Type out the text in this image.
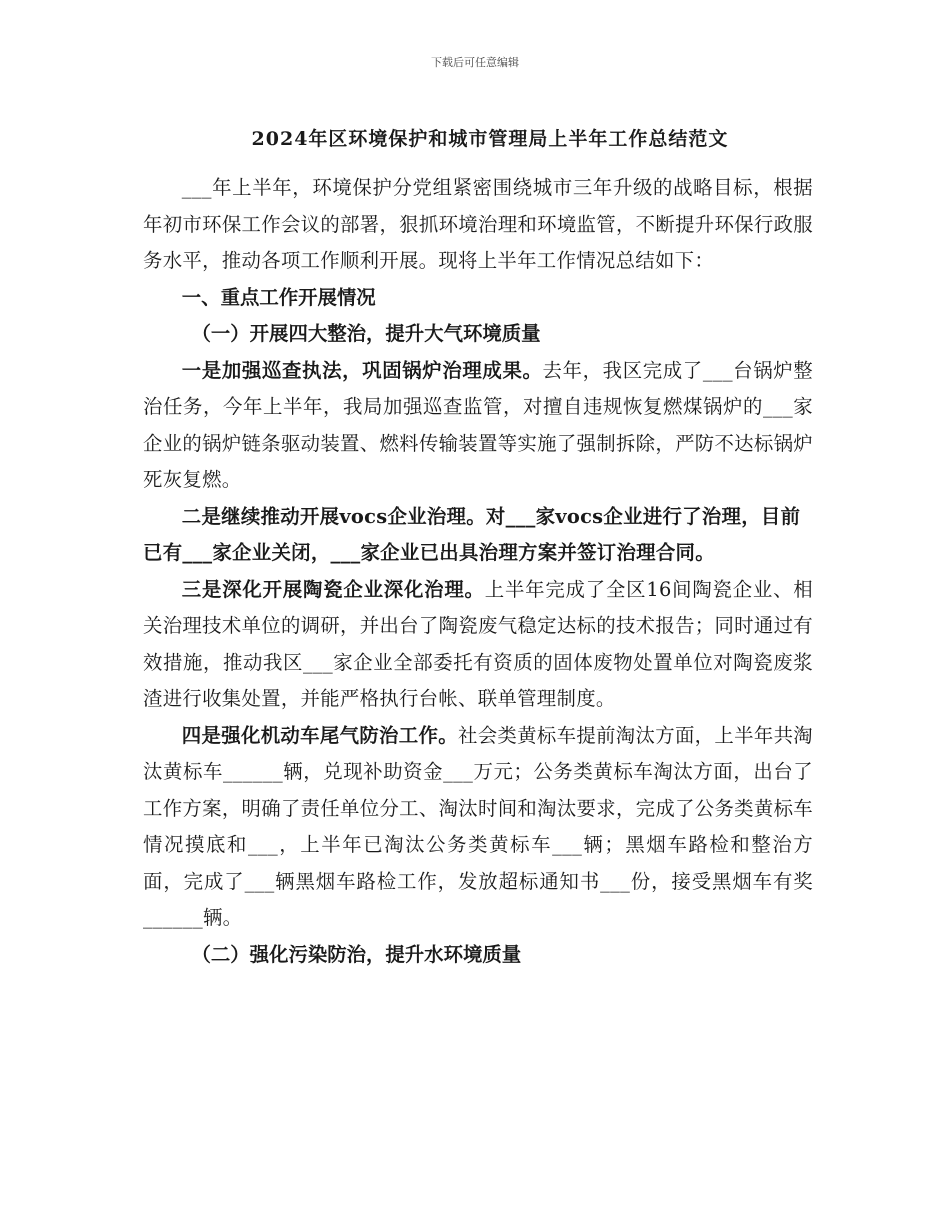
下载后可任意编辑
2024年区环境保护和城市管理局上半年工作总结范文

___年上半年，环境保护分党组紧密围绕城市三年升级的战略目标，根据年初市环保工作会议的部署，狠抓环境治理和环境监管，不断提升环保行政服务水平，推动各项工作顺利开展。现将上半年工作情况总结如下：

一、重点工作开展情况

（一）开展四大整治，提升大气环境质量

一是加强巡查执法，巩固锅炉治理成果。去年，我区完成了___台锅炉整治任务，今年上半年，我局加强巡查监管，对擅自违规恢复燃煤锅炉的___家企业的锅炉链条驱动装置、燃料传输装置等实施了强制拆除，严防不达标锅炉死灰复燃。

二是继续推动开展vocs企业治理。对___家vocs企业进行了治理，目前已有___家企业关闭，___家企业已出具治理方案并签订治理合同。

三是深化开展陶瓷企业深化治理。上半年完成了全区16间陶瓷企业、相关治理技术单位的调研，并出台了陶瓷废气稳定达标的技术报告；同时通过有效措施，推动我区___家企业全部委托有资质的固体废物处置单位对陶瓷废浆渣进行收集处置，并能严格执行台帐、联单管理制度。

四是强化机动车尾气防治工作。社会类黄标车提前淘汰方面，上半年共淘汰黄标车______辆，兑现补助资金___万元；公务类黄标车淘汰方面，出台了工作方案，明确了责任单位分工、淘汰时间和淘汰要求，完成了公务类黄标车情况摸底和___，上半年已淘汰公务类黄标车___辆；黑烟车路检和整治方面，完成了___辆黑烟车路检工作，发放超标通知书___份，接受黑烟车有奖______辆。

（二）强化污染防治，提升水环境质量
